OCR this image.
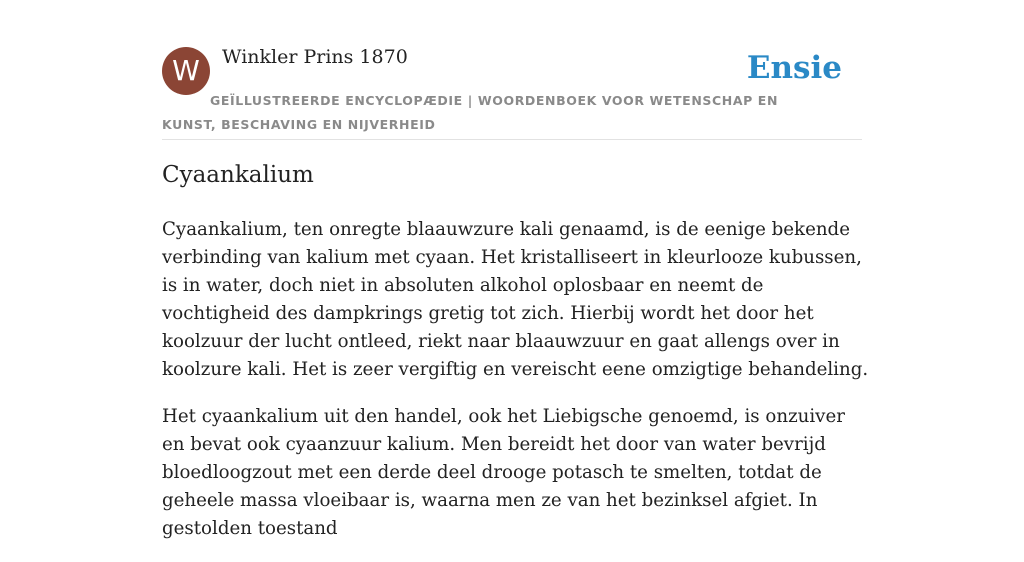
W	Winkler Prins 1870	Ensie
GEÏLLUSTREERDE ENCYCLOPÆDIE | WOORDENBOEK VOOR WETENSCHAP EN KUNST, BESCHAVING EN NIJVERHEID
Cyaankalium

Cyaankalium, ten onregte blaauwzure kali genaamd, is de eenige bekende verbinding van kalium met cyaan. Het kristalliseert in kleurlooze kubussen, is in water, doch niet in absoluten alkohol oplosbaar en neemt de vochtigheid des dampkrings gretig tot zich. Hierbij wordt het door het koolzuur der lucht ontleed, riekt naar blaauwzuur en gaat allengs over in koolzure kali. Het is zeer vergiftig en vereischt eene omzigtige behandeling.

Het cyaankalium uit den handel, ook het Liebigsche genoemd, is onzuiver en bevat ook cyaanzuur kalium. Men bereidt het door van water bevrijd bloedloogzout met een derde deel drooge potasch te smelten, totdat de geheele massa vloeibaar is, waarna men ze van het bezinksel afgiet. In gestolden toestand
